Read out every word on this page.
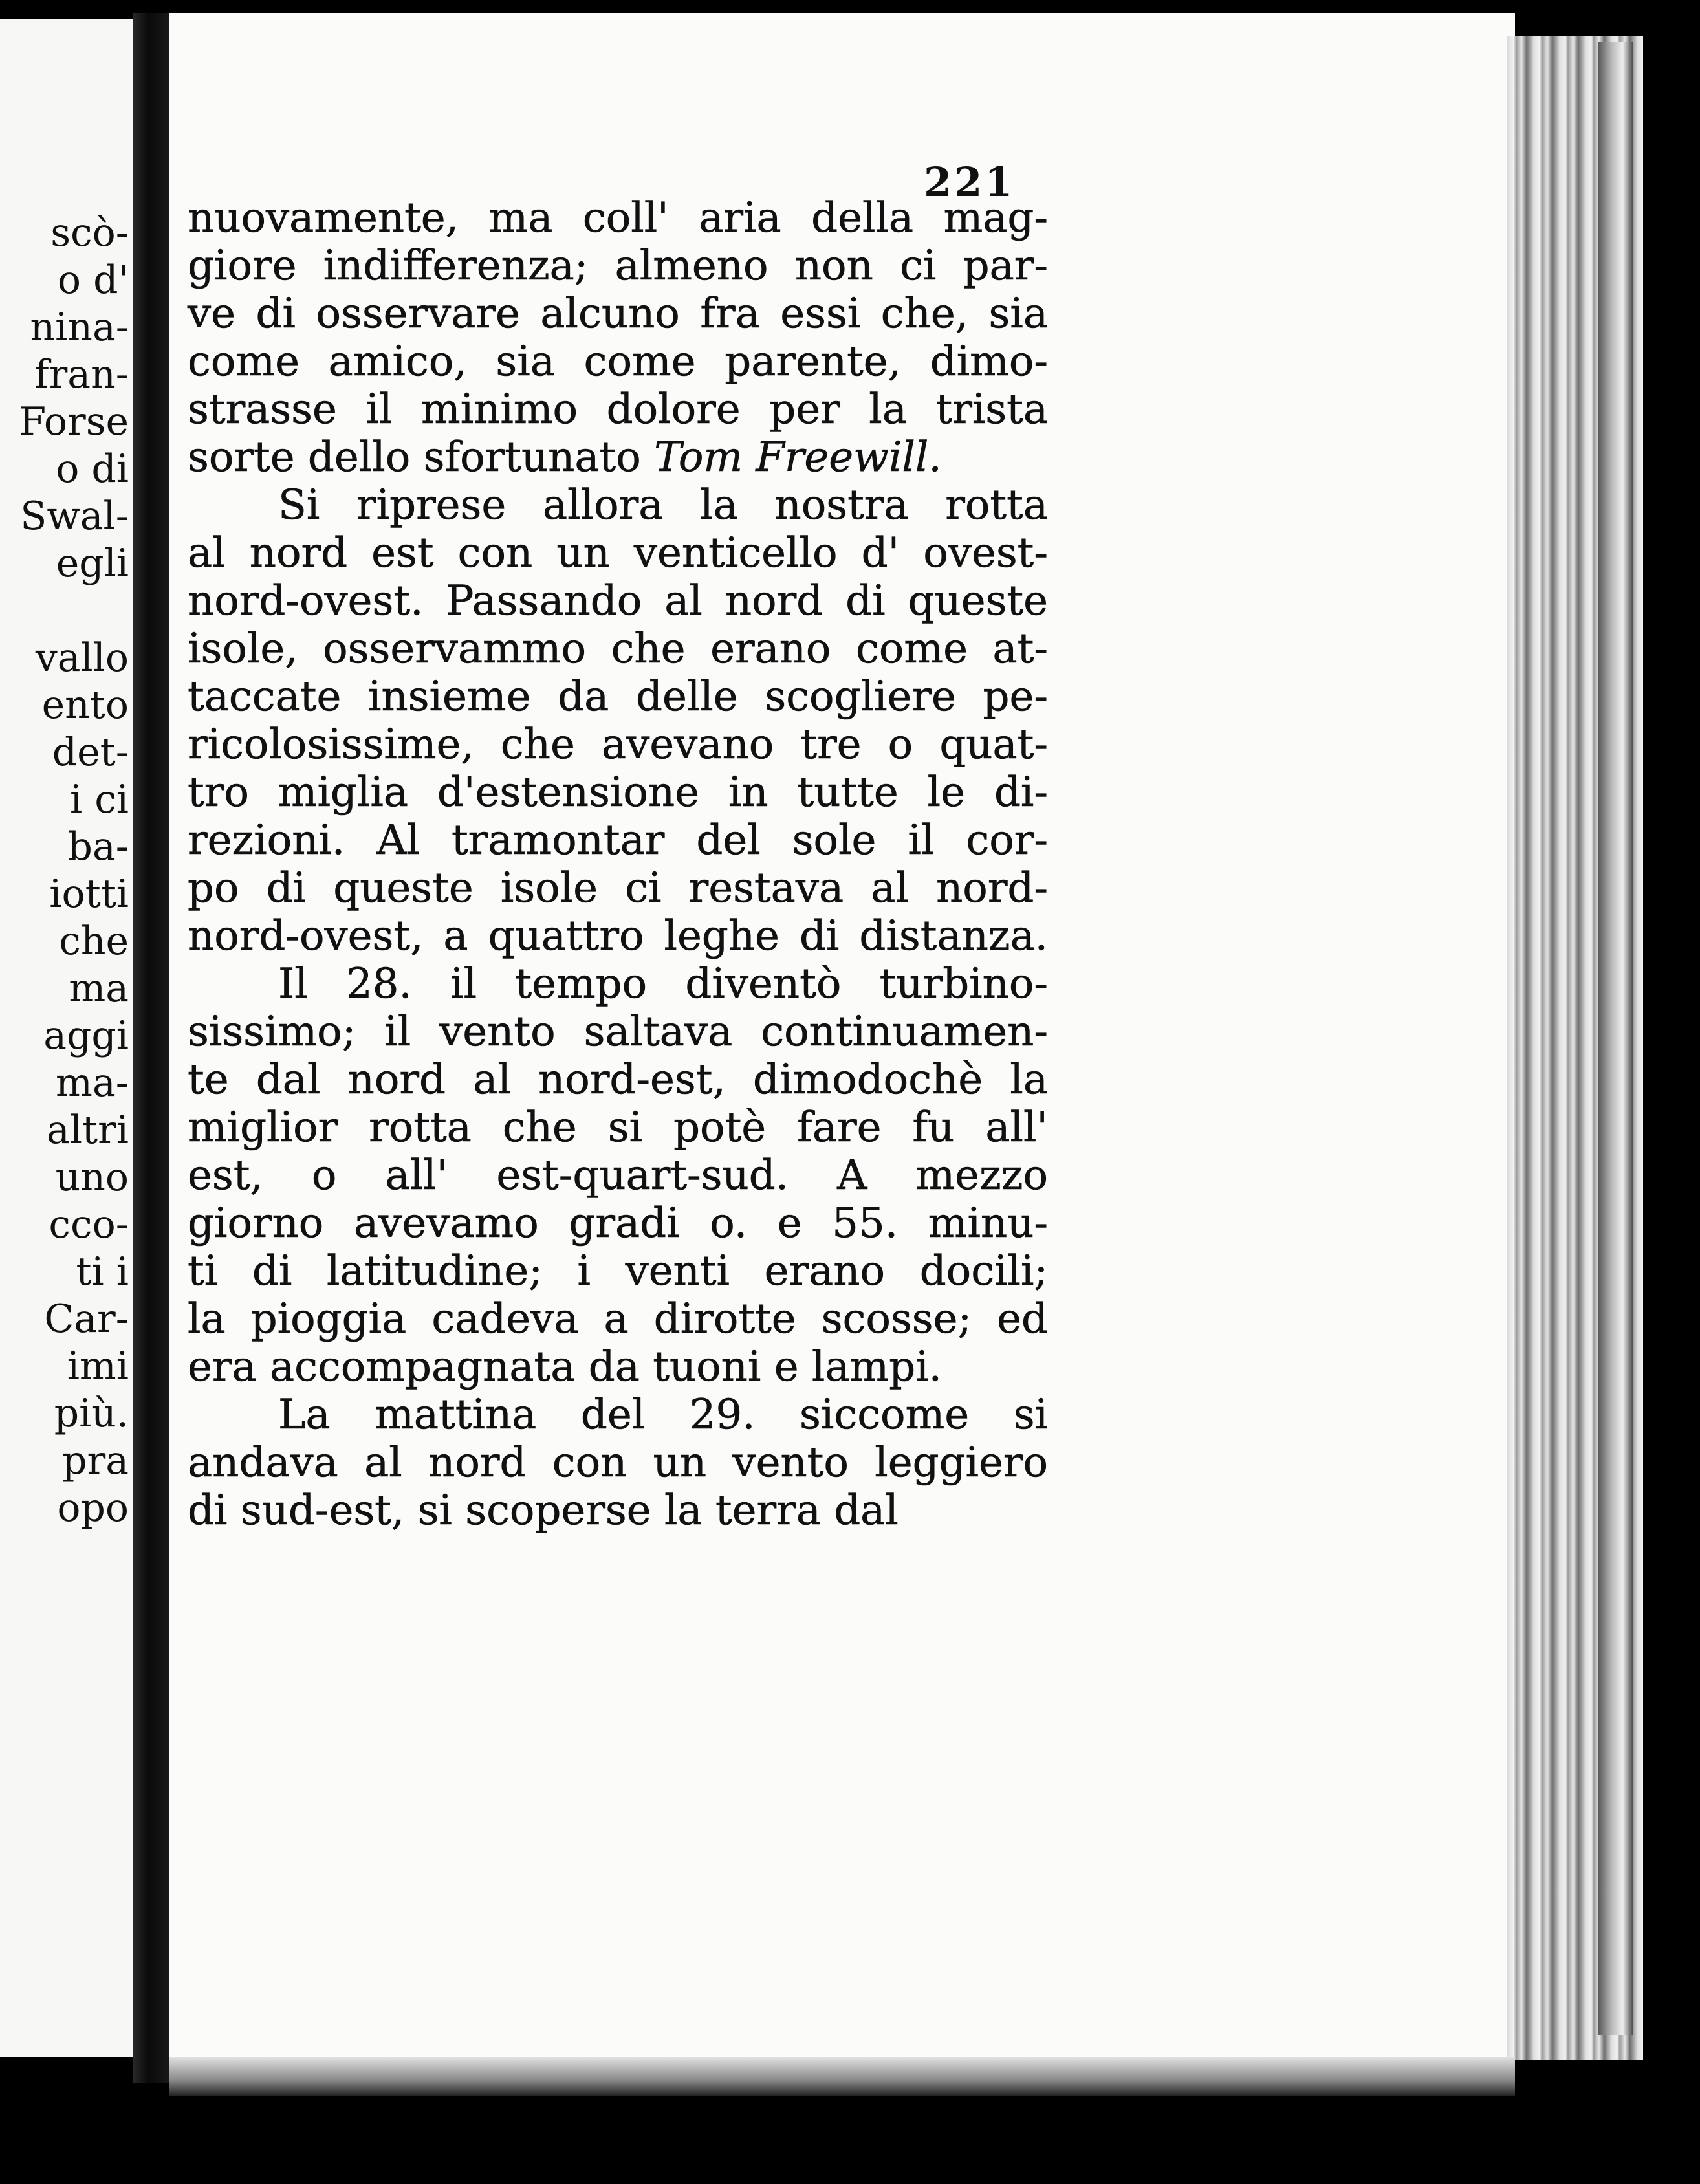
scò-
o d'
nina-
fran-
Forse
o di
Swal-
egli
vallo
ento
det-
i ci
ba-
iotti
che
ma
aggi
ma-
altri
uno
cco-
ti i
Car-
imi
più.
pra
opo
221
nuovamente, ma coll' aria della mag-
giore indifferenza; almeno non ci par-
ve di osservare alcuno fra essi che, sia
come amico, sia come parente, dimo-
strasse il minimo dolore per la trista
sorte dello sfortunato Tom Freewill.
Si riprese allora la nostra rotta
al nord est con un venticello d' ovest-
nord-ovest. Passando al nord di queste
isole, osservammo che erano come at-
taccate insieme da delle scogliere pe-
ricolosissime, che avevano tre o quat-
tro miglia d'estensione in tutte le di-
rezioni. Al tramontar del sole il cor-
po di queste isole ci restava al nord-
nord-ovest, a quattro leghe di distanza.
Il 28. il tempo diventò turbino-
sissimo; il vento saltava continuamen-
te dal nord al nord-est, dimodochè la
miglior rotta che si potè fare fu all'
est, o all' est-quart-sud. A mezzo
giorno avevamo gradi o. e 55. minu-
ti di latitudine; i venti erano docili;
la pioggia cadeva a dirotte scosse; ed
era accompagnata da tuoni e lampi.
La mattina del 29. siccome si
andava al nord con un vento leggiero
di sud-est, si scoperse la terra dal
